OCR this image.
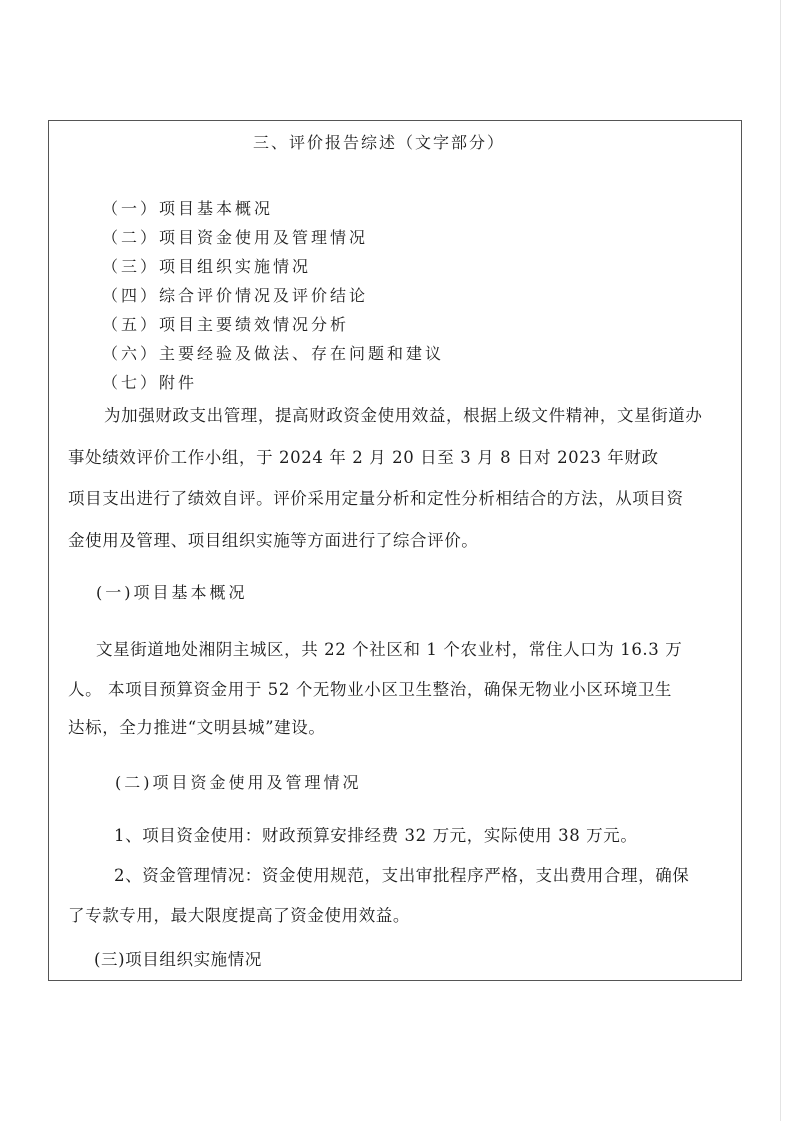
三、评价报告综述（文字部分）
（一）项目基本概况
（二）项目资金使用及管理情况
（三）项目组织实施情况
（四）综合评价情况及评价结论
（五）项目主要绩效情况分析
（六）主要经验及做法、存在问题和建议
（七）附件
为加强财政支出管理，提高财政资金使用效益，根据上级文件精神，文星街道办
事处绩效评价工作小组，于 2024 年 2 月 20 日至 3 月 8 日对 2023 年财政
项目支出进行了绩效自评。评价采用定量分析和定性分析相结合的方法，从项目资
金使用及管理、项目组织实施等方面进行了综合评价。
(一)项目基本概况
文星街道地处湘阴主城区，共 22 个社区和 1 个农业村，常住人口为 16.3 万
人。 本项目预算资金用于 52 个无物业小区卫生整治，确保无物业小区环境卫生
达标，全力推进“文明县城”建设。
(二)项目资金使用及管理情况
1、项目资金使用：财政预算安排经费 32 万元，实际使用 38 万元。
2、资金管理情况：资金使用规范，支出审批程序严格，支出费用合理，确保
了专款专用，最大限度提高了资金使用效益。
(三)项目组织实施情况
